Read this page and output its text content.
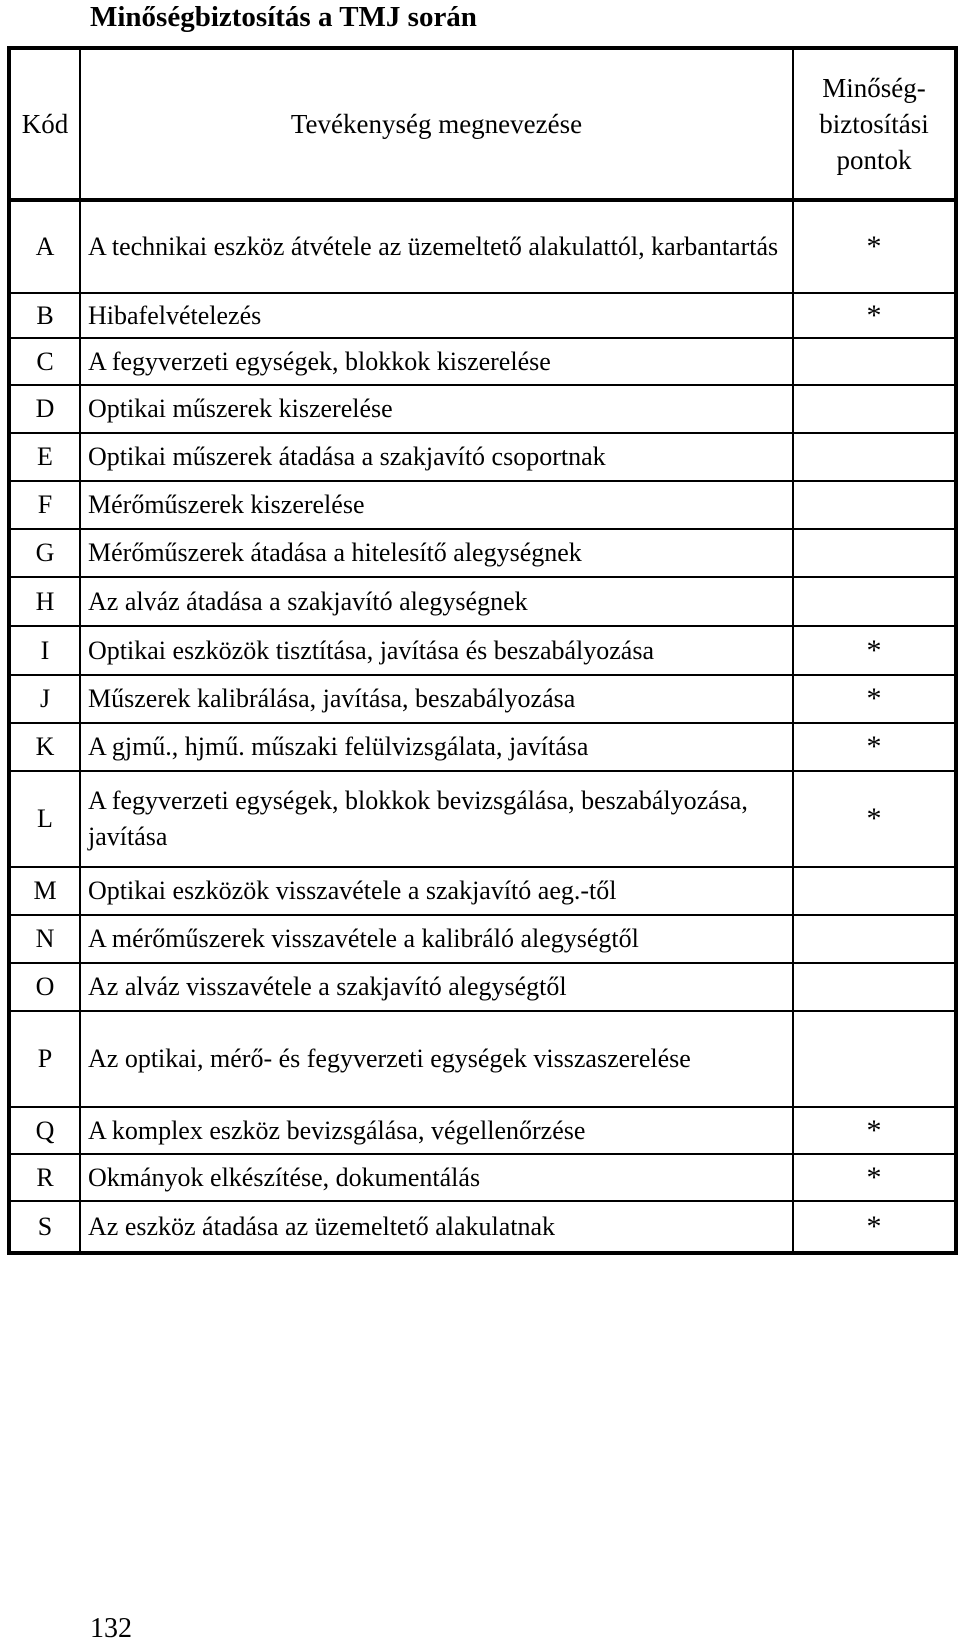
Minőségbiztosítás a TMJ során
Kód	Tevékenység megnevezése	Minőség-
biztosítási
pontok

A	A technikai eszköz átvétele az üzemeltető alakulattól, karbantartás	*
B	Hibafelvételezés	*
C	A fegyverzeti egységek, blokkok kiszerelése	
D	Optikai műszerek kiszerelése	
E	Optikai műszerek átadása a szakjavító csoportnak	
F	Mérőműszerek kiszerelése	
G	Mérőműszerek átadása a hitelesítő alegységnek	
H	Az alváz átadása a szakjavító alegységnek	
I	Optikai eszközök tisztítása, javítása és beszabályozása	*
J	Műszerek kalibrálása, javítása, beszabályozása	*
K	A gjmű., hjmű. műszaki felülvizsgálata, javítása	*
L	A fegyverzeti egységek, blokkok bevizsgálása, beszabályozása, javítása	*
M	Optikai eszközök visszavétele a szakjavító aeg.-től	
N	A mérőműszerek visszavétele a kalibráló alegységtől	
O	Az alváz visszavétele a szakjavító alegységtől	
P	Az optikai, mérő- és fegyverzeti egységek visszaszerelése	
Q	A komplex eszköz bevizsgálása, végellenőrzése	*
R	Okmányok elkészítése, dokumentálás	*
S	Az eszköz átadása az üzemeltető alakulatnak	*
132
